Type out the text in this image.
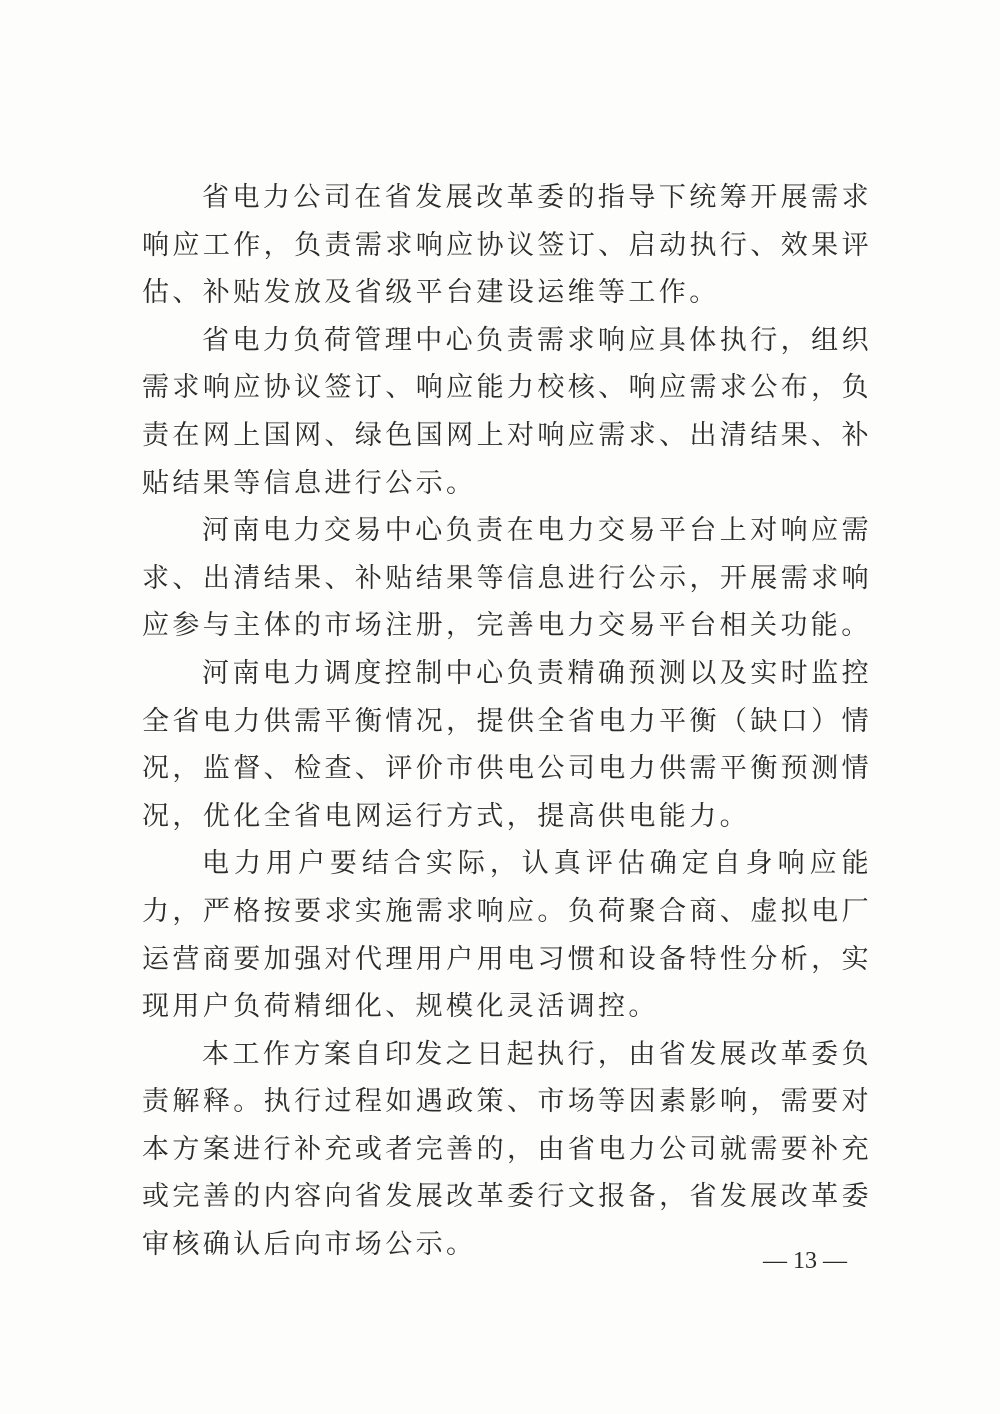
省电力公司在省发展改革委的指导下统筹开展需求响应工作，负责需求响应协议签订、启动执行、效果评估、补贴发放及省级平台建设运维等工作。

省电力负荷管理中心负责需求响应具体执行，组织需求响应协议签订、响应能力校核、响应需求公布，负责在网上国网、绿色国网上对响应需求、出清结果、补贴结果等信息进行公示。

河南电力交易中心负责在电力交易平台上对响应需求、出清结果、补贴结果等信息进行公示，开展需求响应参与主体的市场注册，完善电力交易平台相关功能。

河南电力调度控制中心负责精确预测以及实时监控全省电力供需平衡情况，提供全省电力平衡（缺口）情况，监督、检查、评价市供电公司电力供需平衡预测情况，优化全省电网运行方式，提高供电能力。

电力用户要结合实际，认真评估确定自身响应能力，严格按要求实施需求响应。负荷聚合商、虚拟电厂运营商要加强对代理用户用电习惯和设备特性分析，实现用户负荷精细化、规模化灵活调控。

本工作方案自印发之日起执行，由省发展改革委负责解释。执行过程如遇政策、市场等因素影响，需要对本方案进行补充或者完善的，由省电力公司就需要补充或完善的内容向省发展改革委行文报备，省发展改革委审核确认后向市场公示。

— 13 —
